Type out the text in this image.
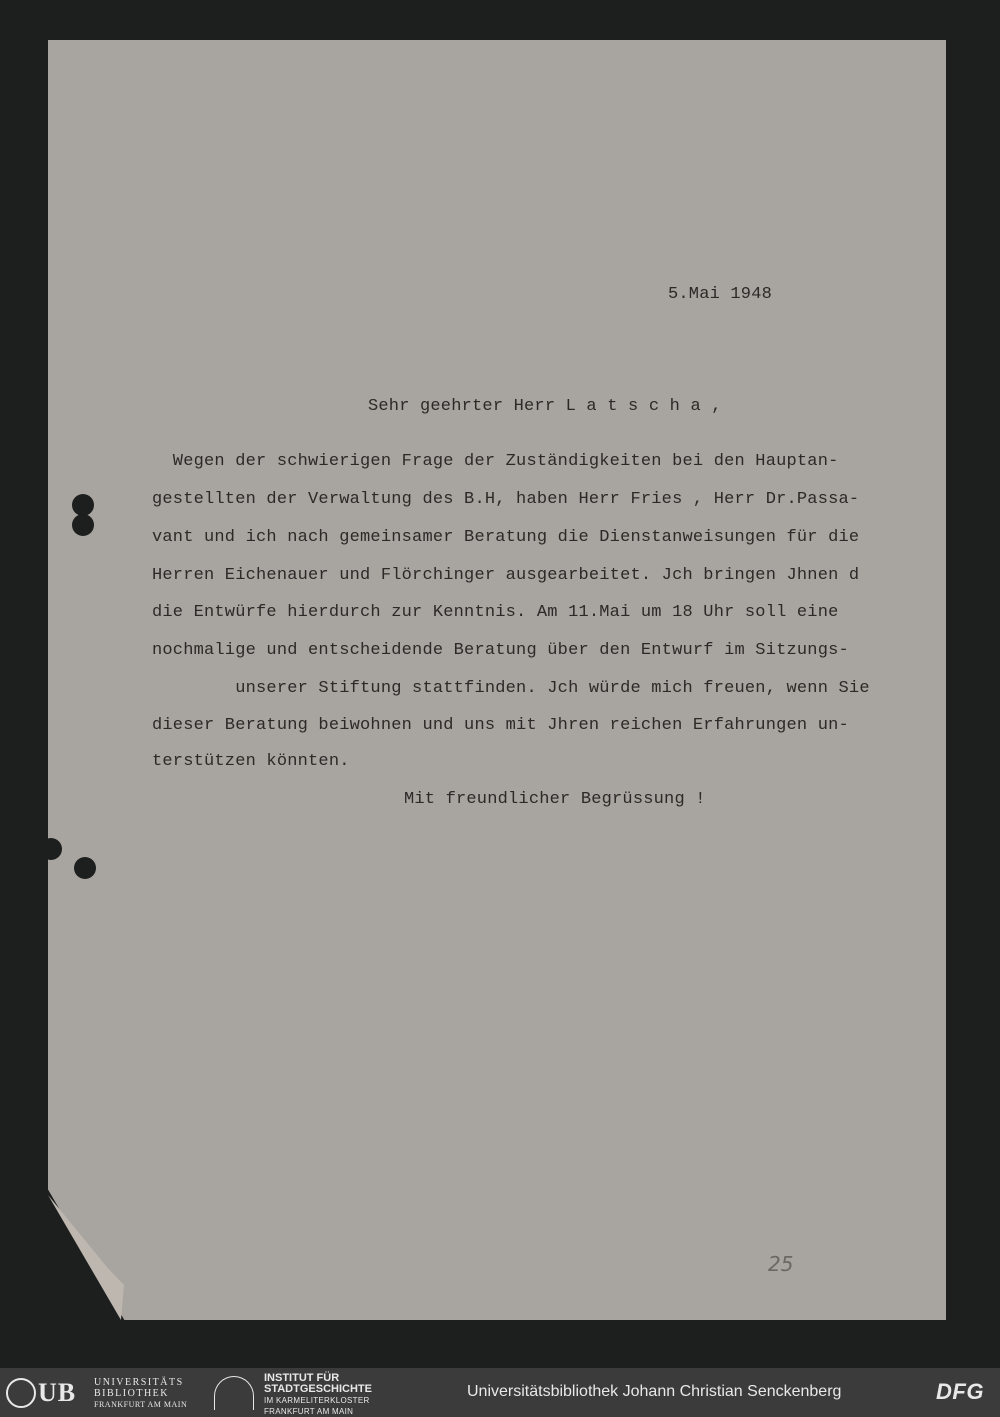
5.Mai 1948
Sehr geehrter Herr L a t s c h a ,
Wegen der schwierigen Frage der Zuständigkeiten bei den Hauptan-
gestellten der Verwaltung des B.H, haben Herr Fries , Herr Dr.Passa-
vant und ich nach gemeinsamer Beratung die Dienstanweisungen für die
Herren Eichenauer und Flörchinger ausgearbeitet. Jch bringen Jhnen d
die Entwürfe hierdurch zur Kenntnis. Am 11.Mai um 18 Uhr soll eine
nochmalige und entscheidende Beratung über den Entwurf im Sitzungs-
unserer Stiftung stattfinden. Jch würde mich freuen, wenn Sie
dieser Beratung beiwohnen und uns mit Jhren reichen Erfahrungen un-
terstützen könnten.
Mit freundlicher Begrüssung !
25
UB UNIVERSITÄTS
BIBLIOTHEK
FRANKFURT AM MAIN
INSTITUT FÜR
STADTGESCHICHTE
IM KARMELITERKLOSTER
FRANKFURT AM MAIN
Universitätsbibliothek Johann Christian Senckenberg	DFG
